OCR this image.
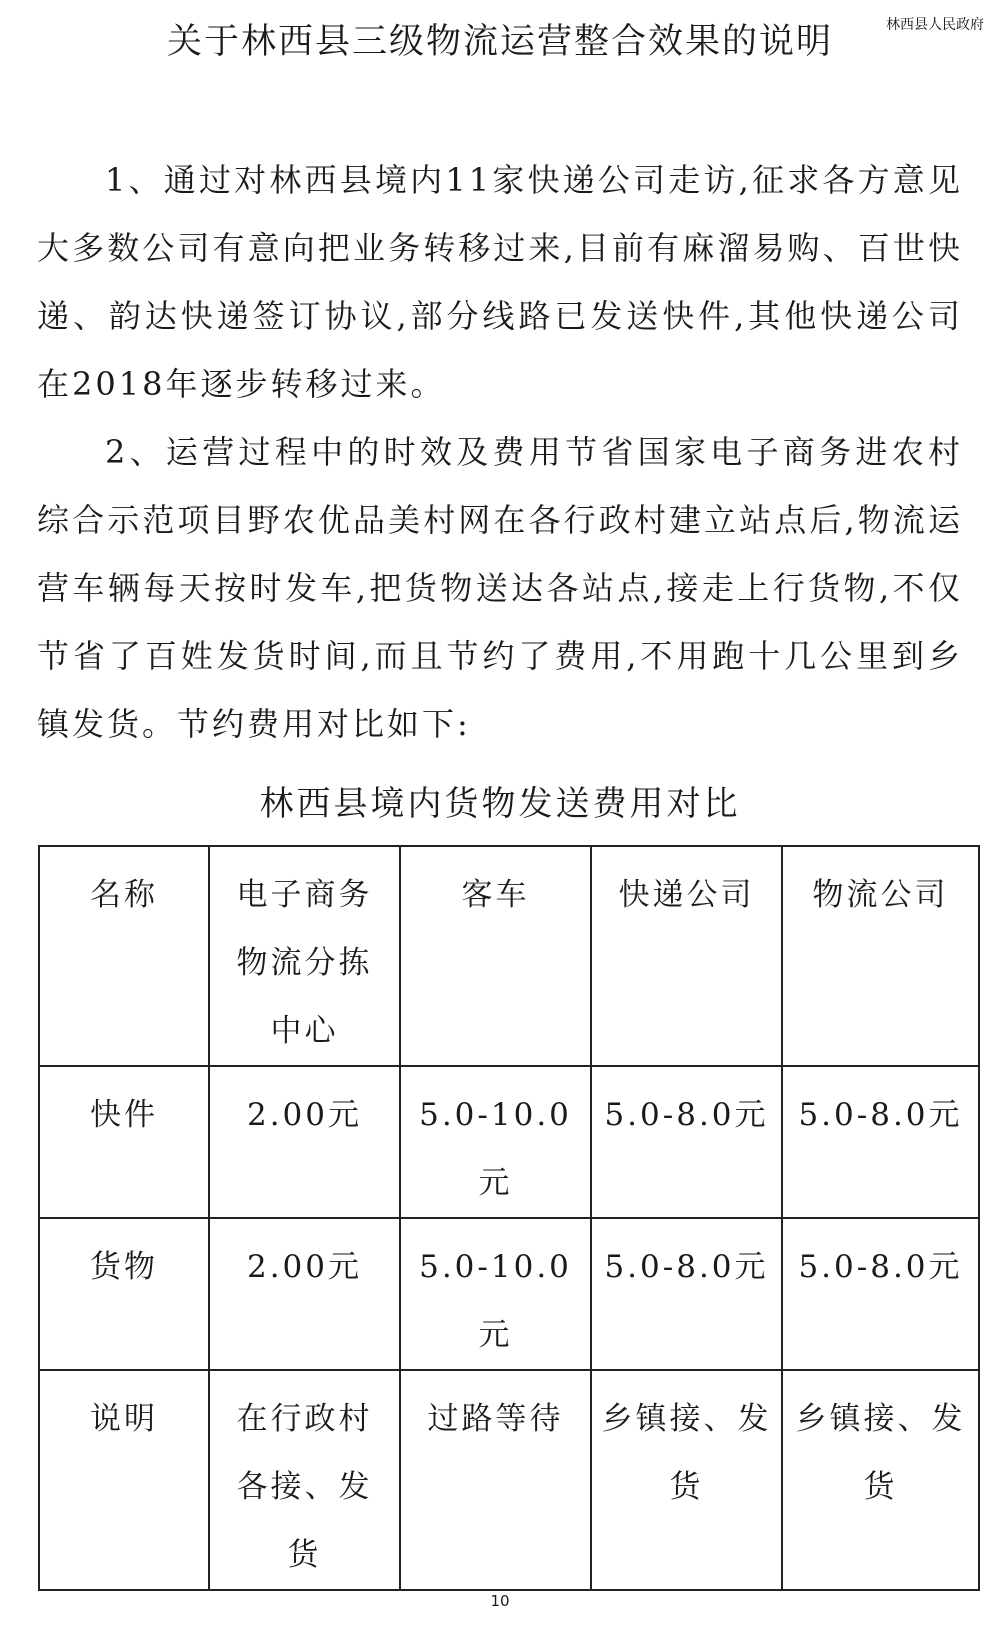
林西县人民政府
关于林西县三级物流运营整合效果的说明

1、通过对林西县境内11家快递公司走访,征求各方意见大多数公司有意向把业务转移过来,目前有麻溜易购、百世快递、韵达快递签订协议,部分线路已发送快件,其他快递公司在2018年逐步转移过来。

2、运营过程中的时效及费用节省国家电子商务进农村综合示范项目野农优品美村网在各行政村建立站点后,物流运营车辆每天按时发车,把货物送达各站点,接走上行货物,不仅节省了百姓发货时间,而且节约了费用,不用跑十几公里到乡镇发货。节约费用对比如下:

林西县境内货物发送费用对比
名称	电子商务物流分拣中心	客车	快递公司	物流公司
快件	2.00元	5.0-10.0元	5.0-8.0元	5.0-8.0元
货物	2.00元	5.0-10.0元	5.0-8.0元	5.0-8.0元
说明	在行政村各接、发货	过路等待	乡镇接、发货	乡镇接、发货
10
